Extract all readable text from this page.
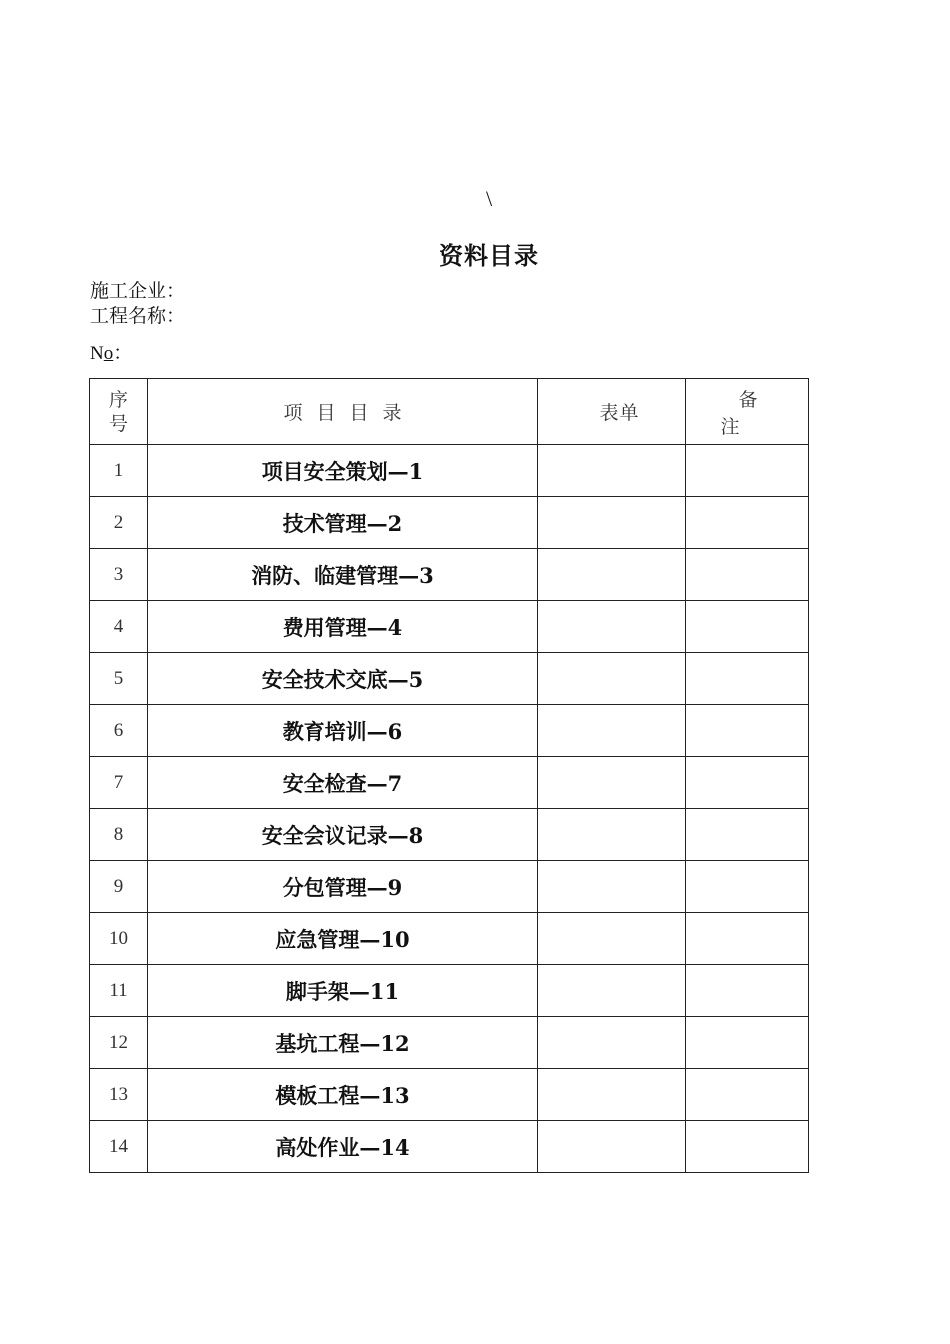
\
资料目录
施工企业：
工程名称：
No：
序
号	项目目录	表单	备注
1	项目安全策划—1		
2	技术管理—2		
3	消防、临建管理—3		
4	费用管理—4		
5	安全技术交底—5		
6	教育培训—6		
7	安全检查—7		
8	安全会议记录—8		
9	分包管理—9		
10	应急管理—10		
11	脚手架—11		
12	基坑工程—12		
13	模板工程—13		
14	高处作业—14		
